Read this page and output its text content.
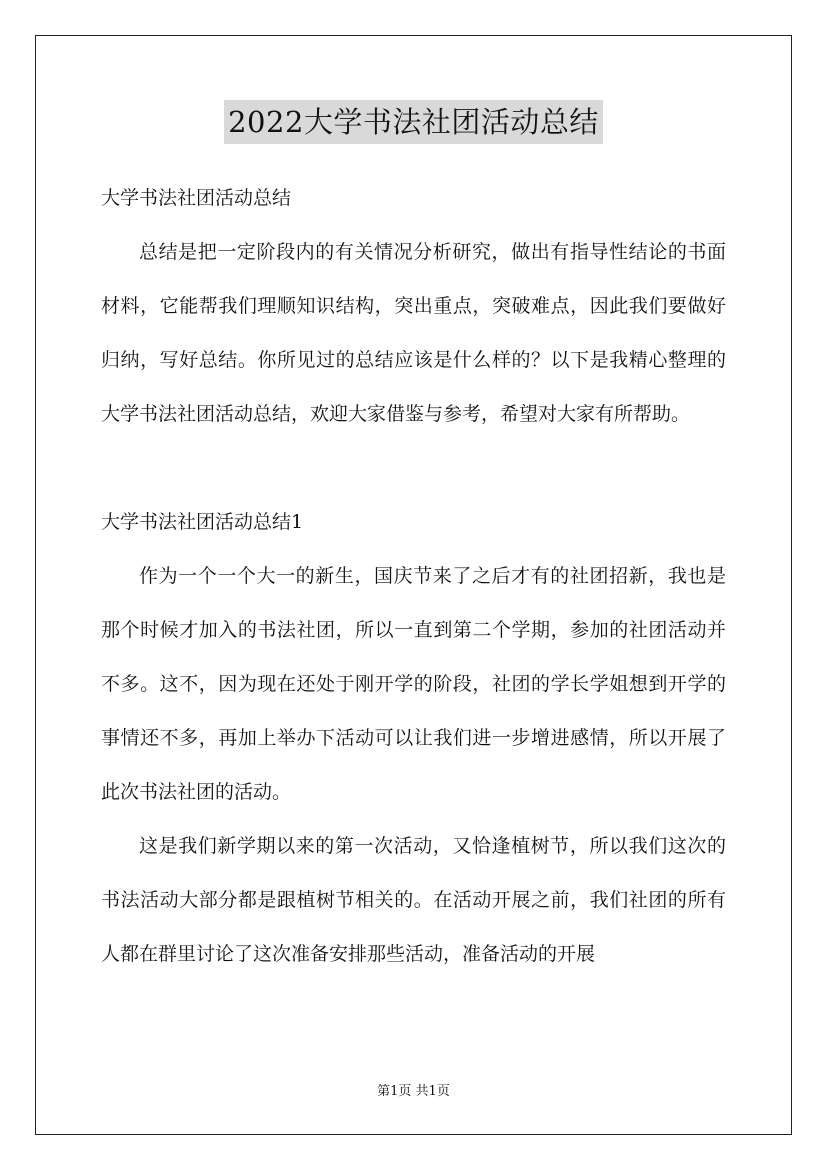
2022大学书法社团活动总结

大学书法社团活动总结

总结是把一定阶段内的有关情况分析研究，做出有指导性结论的书面材料，它能帮我们理顺知识结构，突出重点，突破难点，因此我们要做好归纳，写好总结。你所见过的总结应该是什么样的？以下是我精心整理的大学书法社团活动总结，欢迎大家借鉴与参考，希望对大家有所帮助。

大学书法社团活动总结1

作为一个一个大一的新生，国庆节来了之后才有的社团招新，我也是那个时候才加入的书法社团，所以一直到第二个学期，参加的社团活动并不多。这不，因为现在还处于刚开学的阶段，社团的学长学姐想到开学的事情还不多，再加上举办下活动可以让我们进一步增进感情，所以开展了此次书法社团的活动。

这是我们新学期以来的第一次活动，又恰逢植树节，所以我们这次的书法活动大部分都是跟植树节相关的。在活动开展之前，我们社团的所有人都在群里讨论了这次准备安排那些活动，准备活动的开展

第1页 共1页
